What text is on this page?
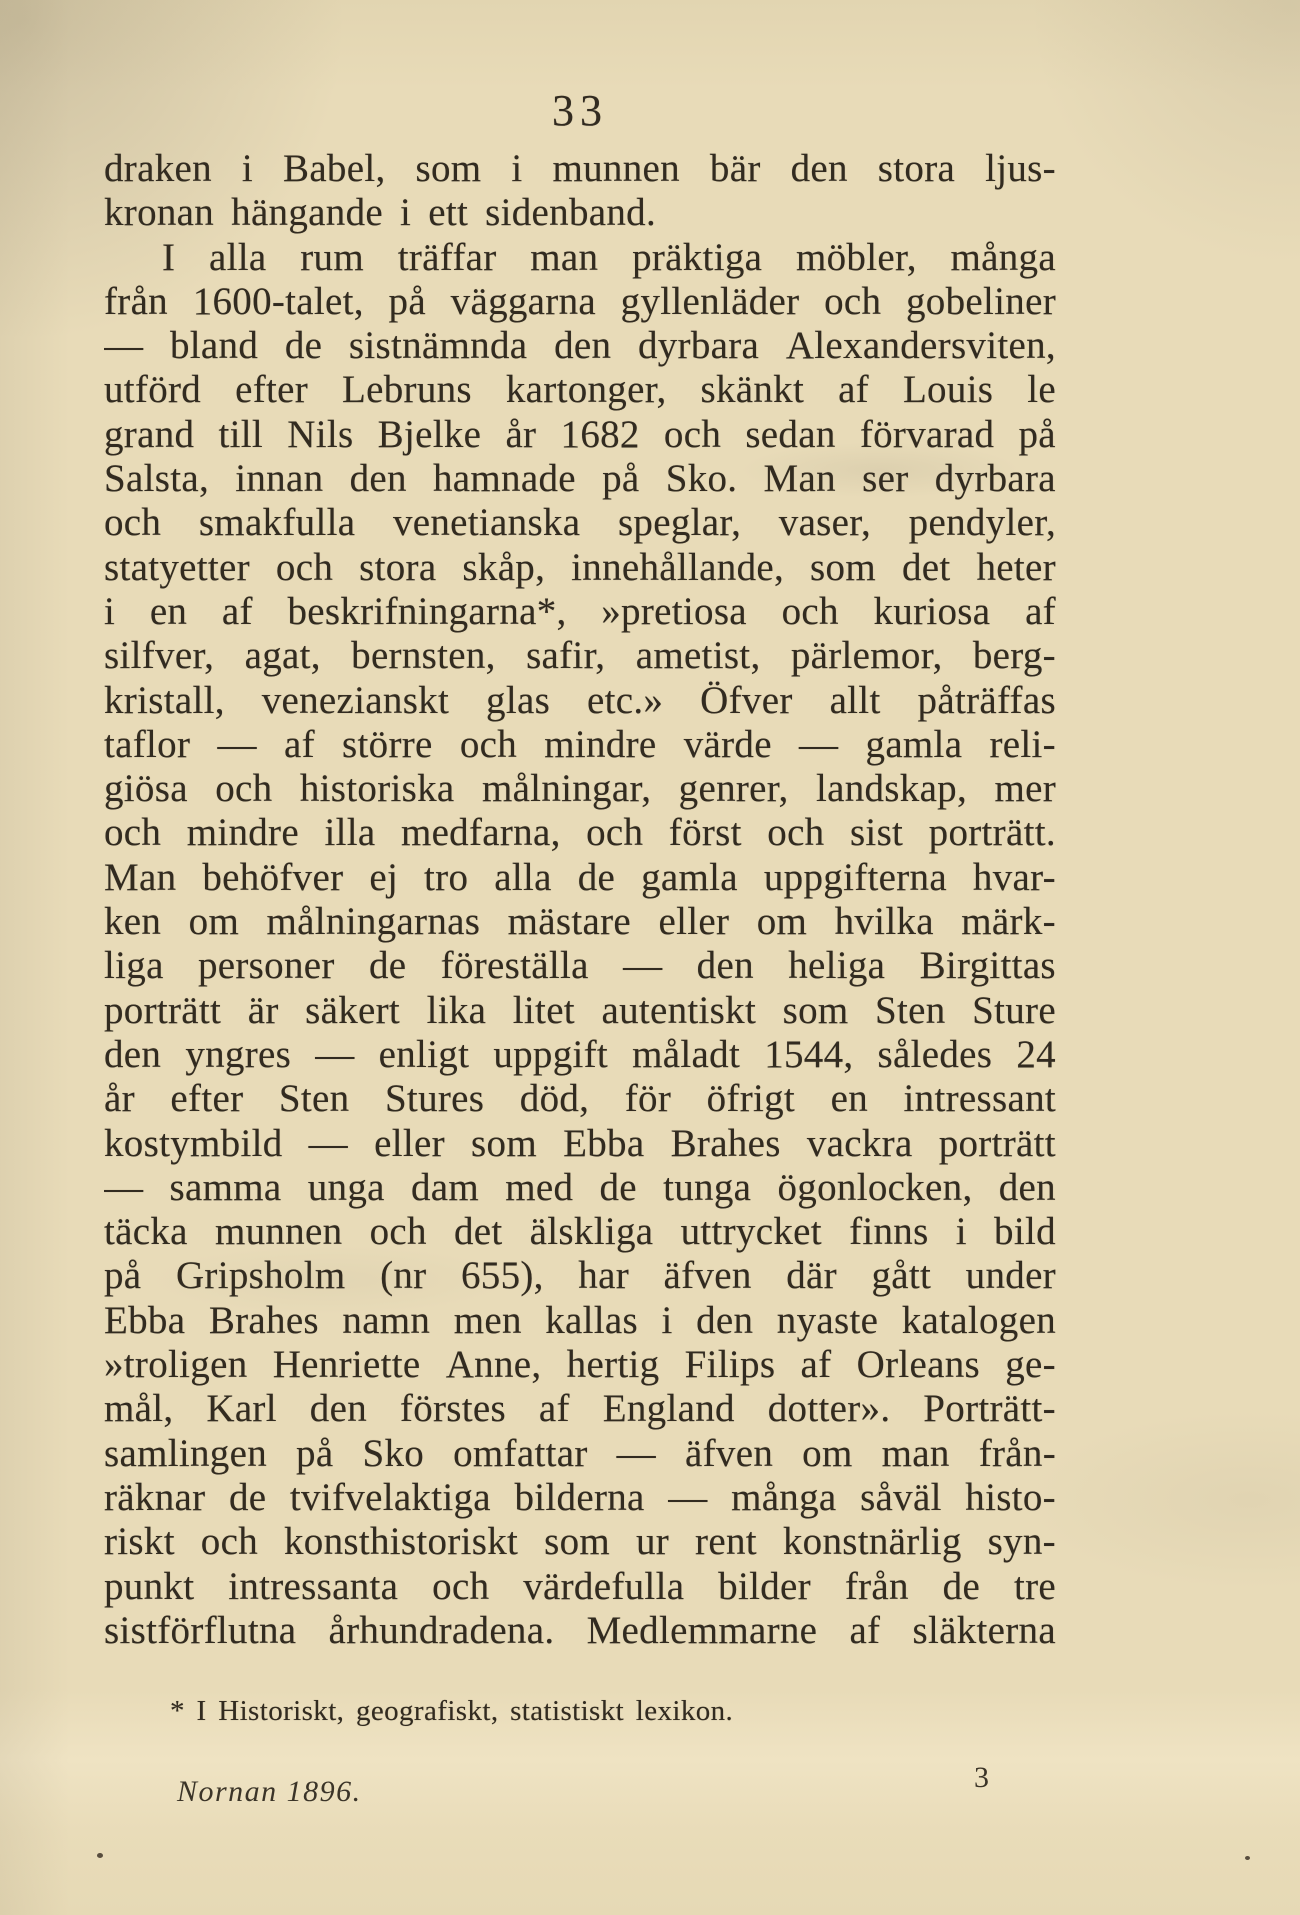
33
draken i Babel, som i munnen bär den stora ljus-
kronan hängande i ett sidenband.
I alla rum träffar man präktiga möbler, många
från 1600-talet, på väggarna gyllenläder och gobeliner
— bland de sistnämnda den dyrbara Alexandersviten,
utförd efter Lebruns kartonger, skänkt af Louis le
grand till Nils Bjelke år 1682 och sedan förvarad på
Salsta, innan den hamnade på Sko. Man ser dyrbara
och smakfulla venetianska speglar, vaser, pendyler,
statyetter och stora skåp, innehållande, som det heter
i en af beskrifningarna*, »pretiosa och kuriosa af
silfver, agat, bernsten, safir, ametist, pärlemor, berg-
kristall, venezianskt glas etc.» Öfver allt påträffas
taflor — af större och mindre värde — gamla reli-
giösa och historiska målningar, genrer, landskap, mer
och mindre illa medfarna, och först och sist porträtt.
Man behöfver ej tro alla de gamla uppgifterna hvar-
ken om målningarnas mästare eller om hvilka märk-
liga personer de föreställa — den heliga Birgittas
porträtt är säkert lika litet autentiskt som Sten Sture
den yngres — enligt uppgift måladt 1544, således 24
år efter Sten Stures död, för öfrigt en intressant
kostymbild — eller som Ebba Brahes vackra porträtt
— samma unga dam med de tunga ögonlocken, den
täcka munnen och det älskliga uttrycket finns i bild
på Gripsholm (nr 655), har äfven där gått under
Ebba Brahes namn men kallas i den nyaste katalogen
»troligen Henriette Anne, hertig Filips af Orleans ge-
mål, Karl den förstes af England dotter». Porträtt-
samlingen på Sko omfattar — äfven om man från-
räknar de tvifvelaktiga bilderna — många såväl histo-
riskt och konsthistoriskt som ur rent konstnärlig syn-
punkt intressanta och värdefulla bilder från de tre
sistförflutna århundradena. Medlemmarne af släkterna
* I Historiskt, geografiskt, statistiskt lexikon.
Nornan 1896.	3
